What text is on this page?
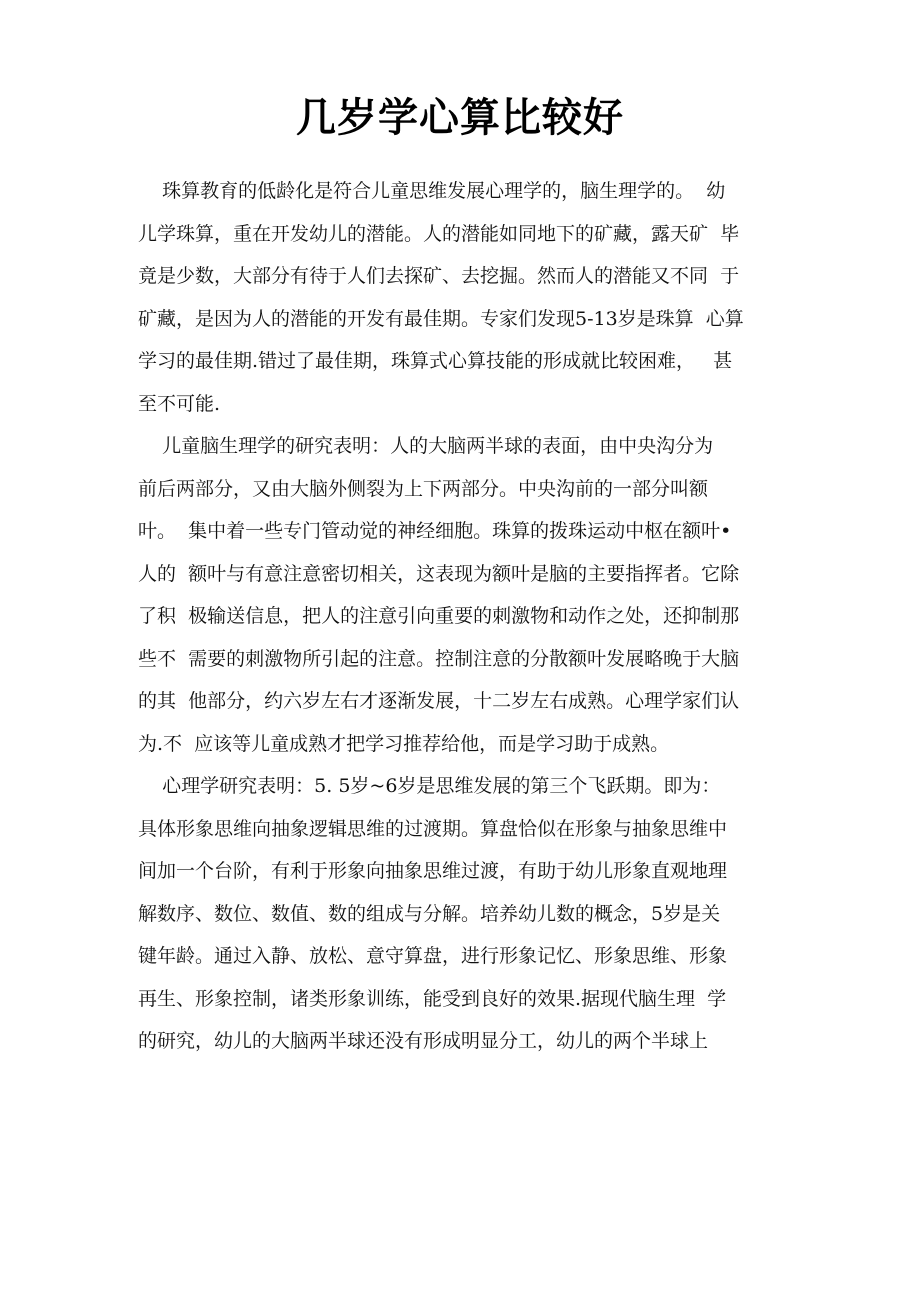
几岁学心算比较好
珠算教育的低龄化是符合儿童思维发展心理学的，脑生理学的。  幼
儿学珠算，重在开发幼儿的潜能。人的潜能如同地下的矿藏，露天矿  毕
竟是少数，大部分有待于人们去探矿、去挖掘。然而人的潜能又不同  于
矿藏，是因为人的潜能的开发有最佳期。专家们发现5-13岁是珠算  心算
学习的最佳期.错过了最佳期，珠算式心算技能的形成就比较困难，   甚
至不可能.
儿童脑生理学的研究表明：人的大脑两半球的表面，由中央沟分为
前后两部分，又由大脑外侧裂为上下两部分。中央沟前的一部分叫额
叶。  集中着一些专门管动觉的神经细胞。珠算的拨珠运动中枢在额叶•
人的  额叶与有意注意密切相关，这表现为额叶是脑的主要指挥者。它除
了积  极输送信息，把人的注意引向重要的刺激物和动作之处，还抑制那
些不  需要的刺激物所引起的注意。控制注意的分散额叶发展略晚于大脑
的其  他部分，约六岁左右才逐渐发展，十二岁左右成熟。心理学家们认
为.不  应该等儿童成熟才把学习推荐给他，而是学习助于成熟。
心理学研究表明：5. 5岁~6岁是思维发展的第三个飞跃期。即为：
具体形象思维向抽象逻辑思维的过渡期。算盘恰似在形象与抽象思维中
间加一个台阶，有利于形象向抽象思维过渡，有助于幼儿形象直观地理
解数序、数位、数值、数的组成与分解。培养幼儿数的概念，5岁是关
键年龄。通过入静、放松、意守算盘，进行形象记忆、形象思维、形象
再生、形象控制，诸类形象训练，能受到良好的效果.据现代脑生理  学
的研究，幼儿的大脑两半球还没有形成明显分工，幼儿的两个半球上
